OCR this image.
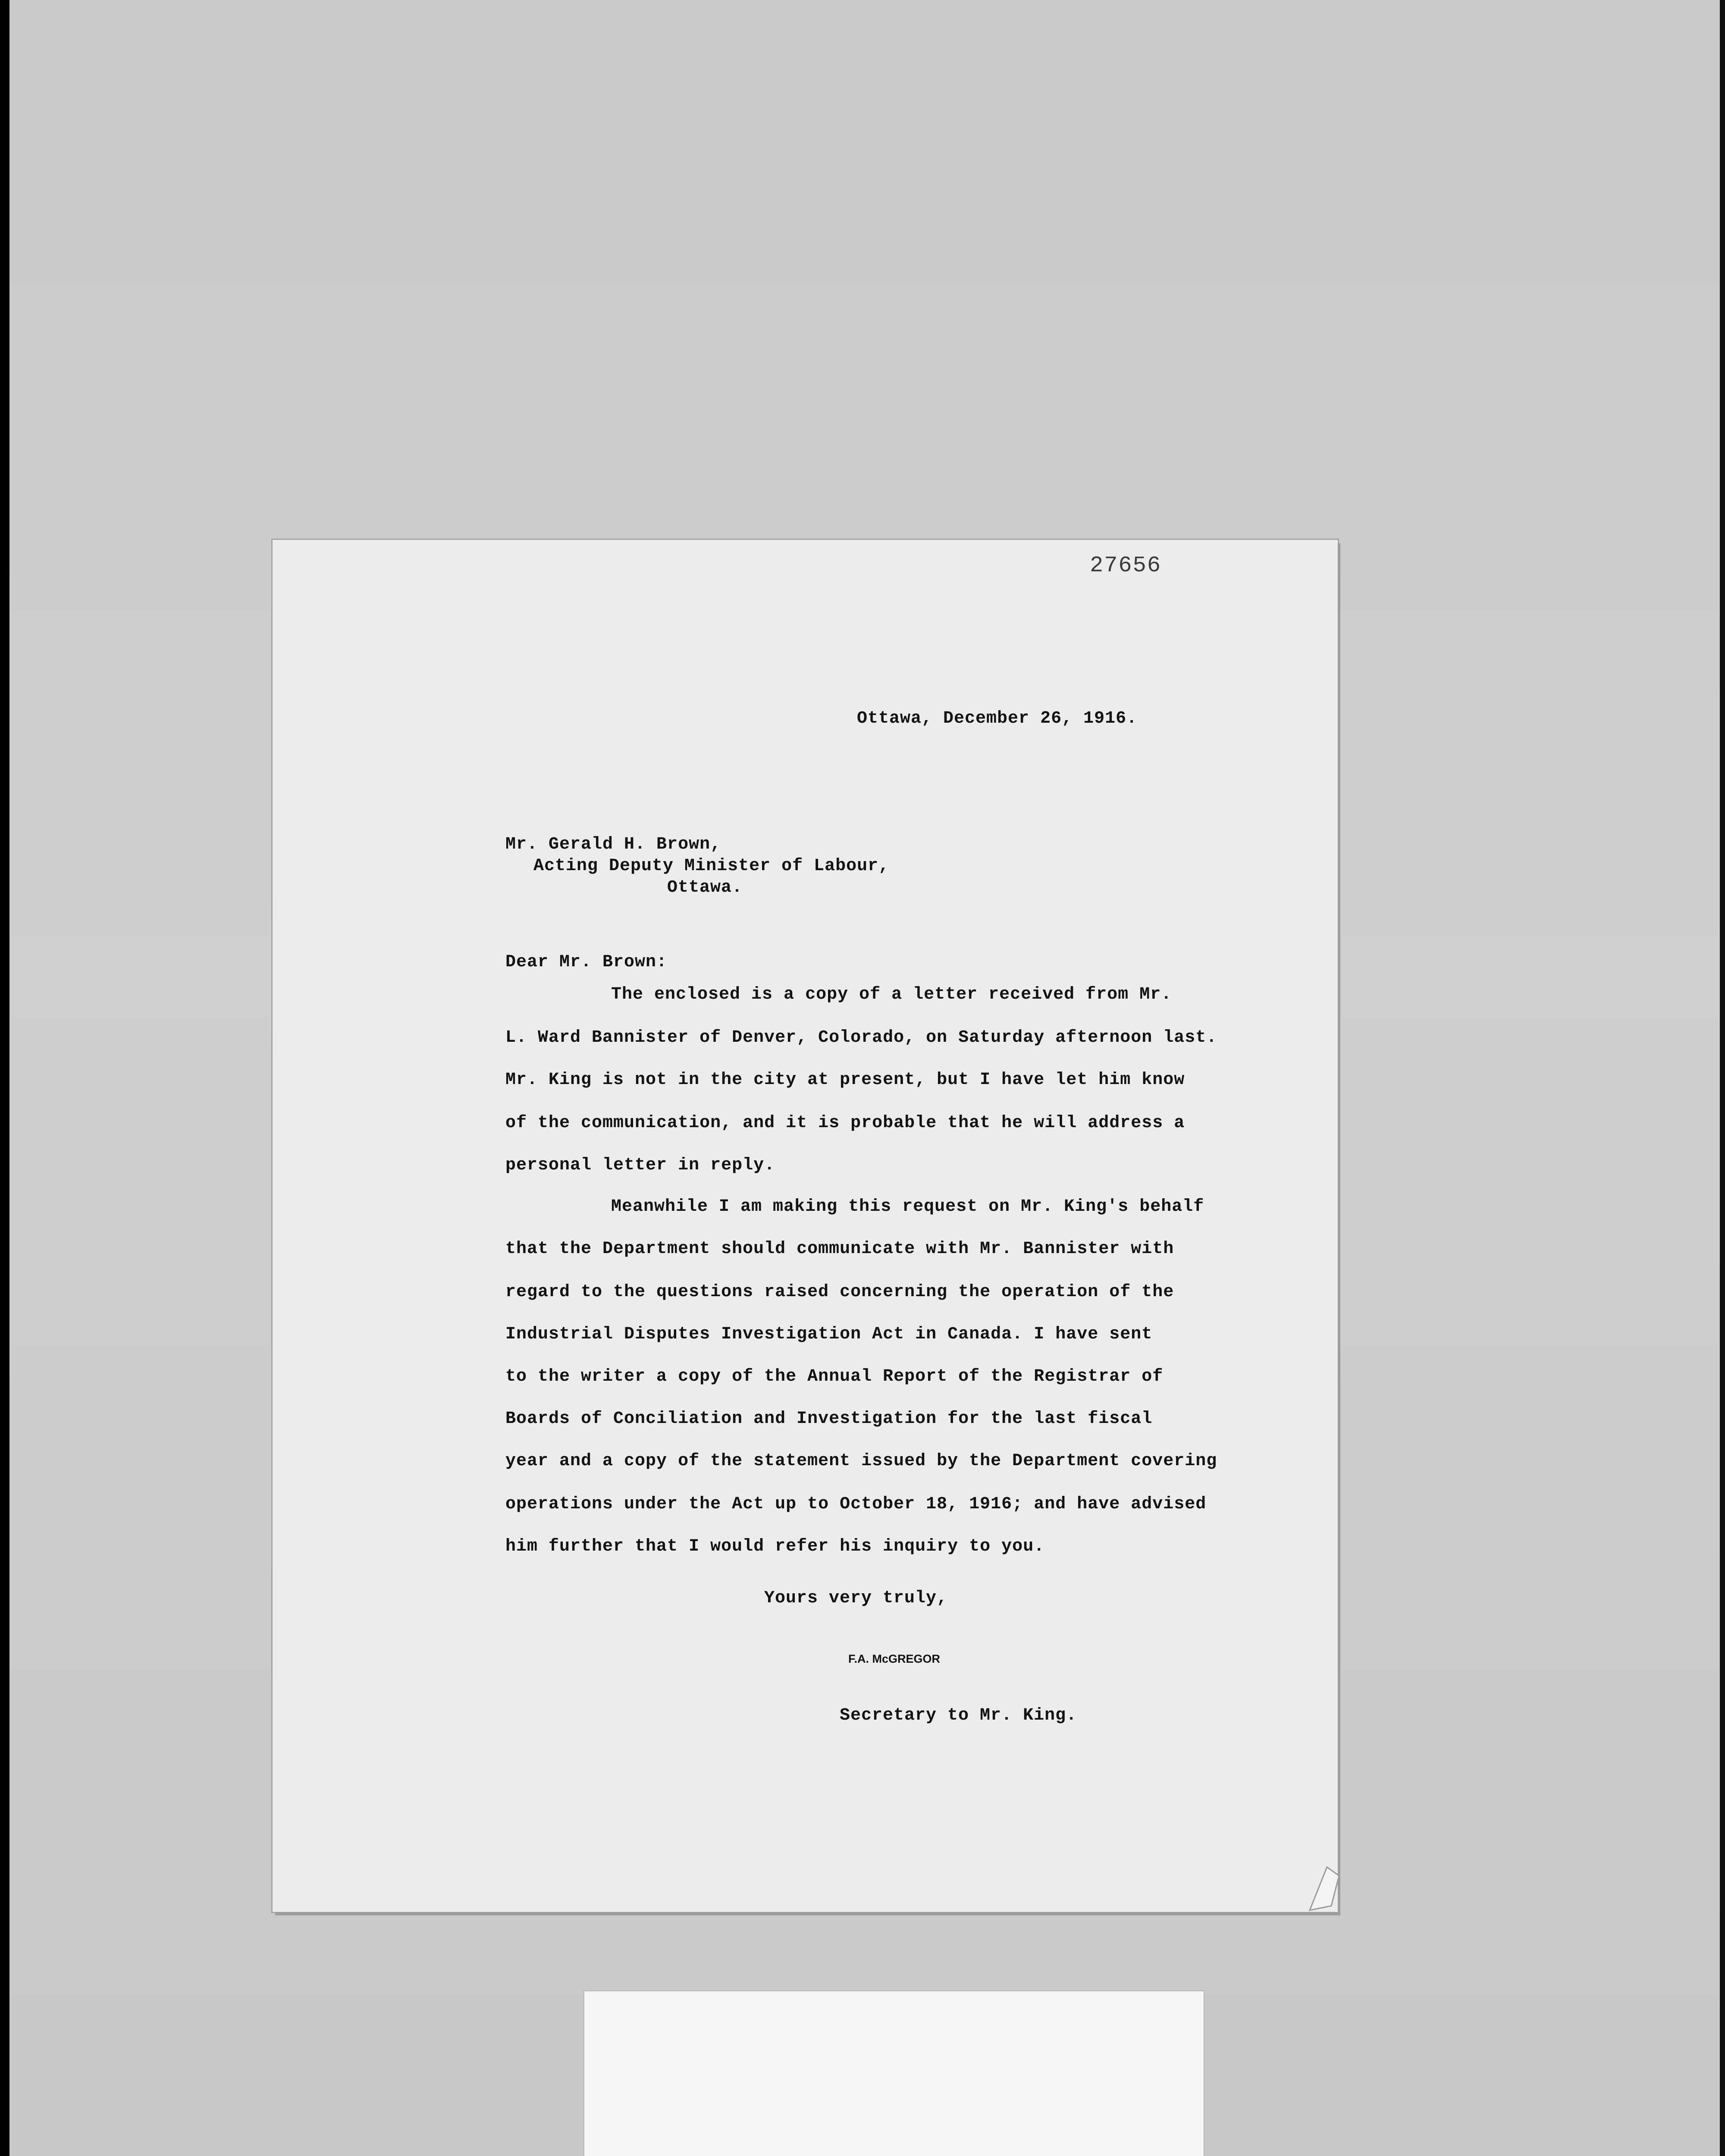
27656
Ottawa, December 26, 1916.
Mr. Gerald H. Brown,
Acting Deputy Minister of Labour,
Ottawa.
Dear Mr. Brown:
The enclosed is a copy of a letter received from Mr.
L. Ward Bannister of Denver, Colorado, on Saturday afternoon last.
Mr. King is not in the city at present, but I have let him know
of the communication, and it is probable that he will address a
personal letter in reply.
Meanwhile I am making this request on Mr. King's behalf
that the Department should communicate with Mr. Bannister with
regard to the questions raised concerning the operation of the
Industrial Disputes Investigation Act in Canada. I have sent
to the writer a copy of the Annual Report of the Registrar of
Boards of Conciliation and Investigation for the last fiscal
year and a copy of the statement issued by the Department covering
operations under the Act up to October 18, 1916; and have advised
him further that I would refer his inquiry to you.
Yours very truly,
F.A. McGREGOR
Secretary to Mr. King.
